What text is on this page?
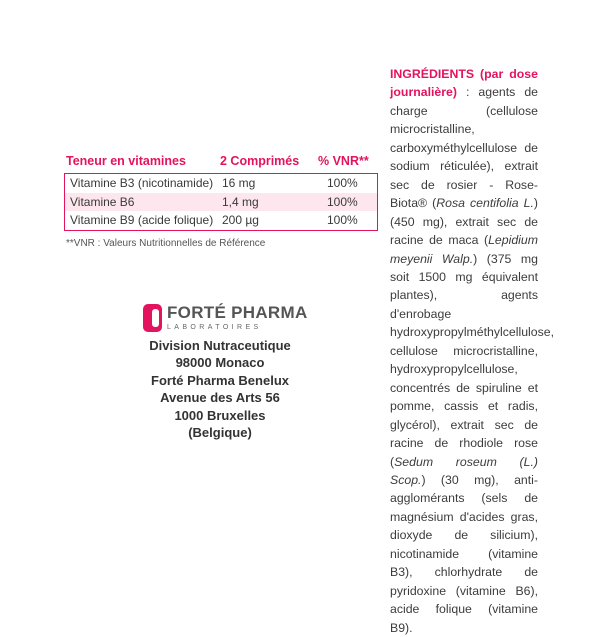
Teneur en vitamines	2 Comprimés % VNR**
Vitamine B3 (nicotinamide) 16 mg	100%
Vitamine B6	1,4 mg	100%
Vitamine B9 (acide folique) 200 µg	100%
**VNR : Valeurs Nutritionnelles de Référence
FORTÉ PHARMA
LABORATOIRES
Division Nutraceutique
98000 Monaco
Forté Pharma Benelux
Avenue des Arts 56
1000 Bruxelles
(Belgique)
INGRÉDIENTS (par dose journalière) : agents de charge (cellulose microcristalline, carboxyméthylcellulose de sodium réticulée), extrait sec de rosier - Rose-Biota® (Rosa centifolia L.) (450 mg), extrait sec de racine de maca (Lepidium meyenii Walp.) (375 mg soit 1500 mg équivalent plantes), agents d'enrobage hydroxypropylméthylcellulose, cellulose microcristalline, hydroxypropylcellulose, concentrés de spiruline et pomme, cassis et radis, glycérol), extrait sec de racine de rhodiole rose (Sedum roseum (L.) Scop.) (30 mg), anti-agglomérants (sels de magnésium d'acides gras, dioxyde de silicium), nicotinamide (vitamine B3), chlorhydrate de pyridoxine (vitamine B6), acide folique (vitamine B9).
